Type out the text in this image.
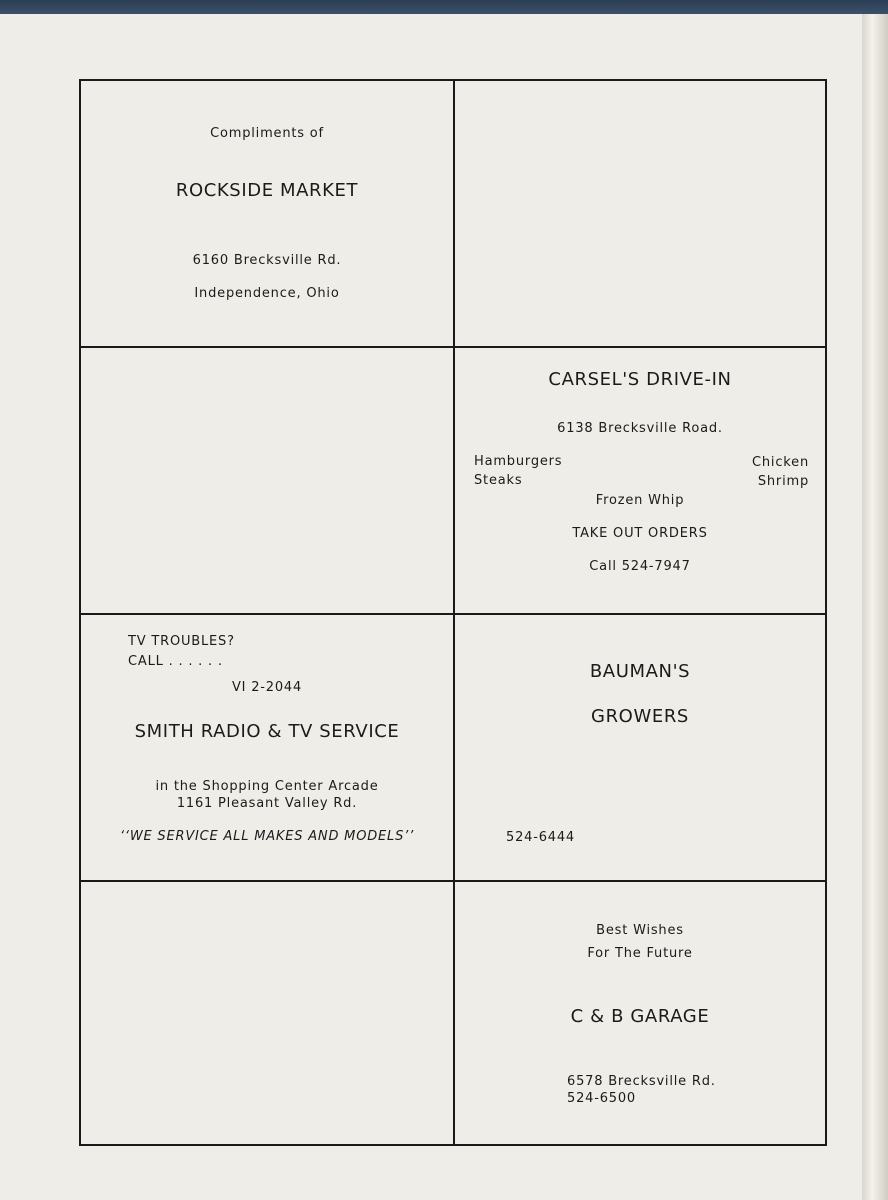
Compliments of
ROCKSIDE MARKET
6160 Brecksville Rd.
Independence, Ohio
CARSEL'S DRIVE-IN
6138 Brecksville Road.
Hamburgers
Steaks
Chicken
Shrimp
Frozen Whip
TAKE OUT ORDERS
Call 524-7947
TV TROUBLES?
CALL . . . . . .
VI 2-2044
SMITH RADIO & TV SERVICE
in the Shopping Center Arcade
1161 Pleasant Valley Rd.
‘‘WE SERVICE ALL MAKES AND MODELS’’
BAUMAN'S
GROWERS
524-6444
Best Wishes
For The Future
C & B GARAGE
6578 Brecksville Rd.
524-6500
